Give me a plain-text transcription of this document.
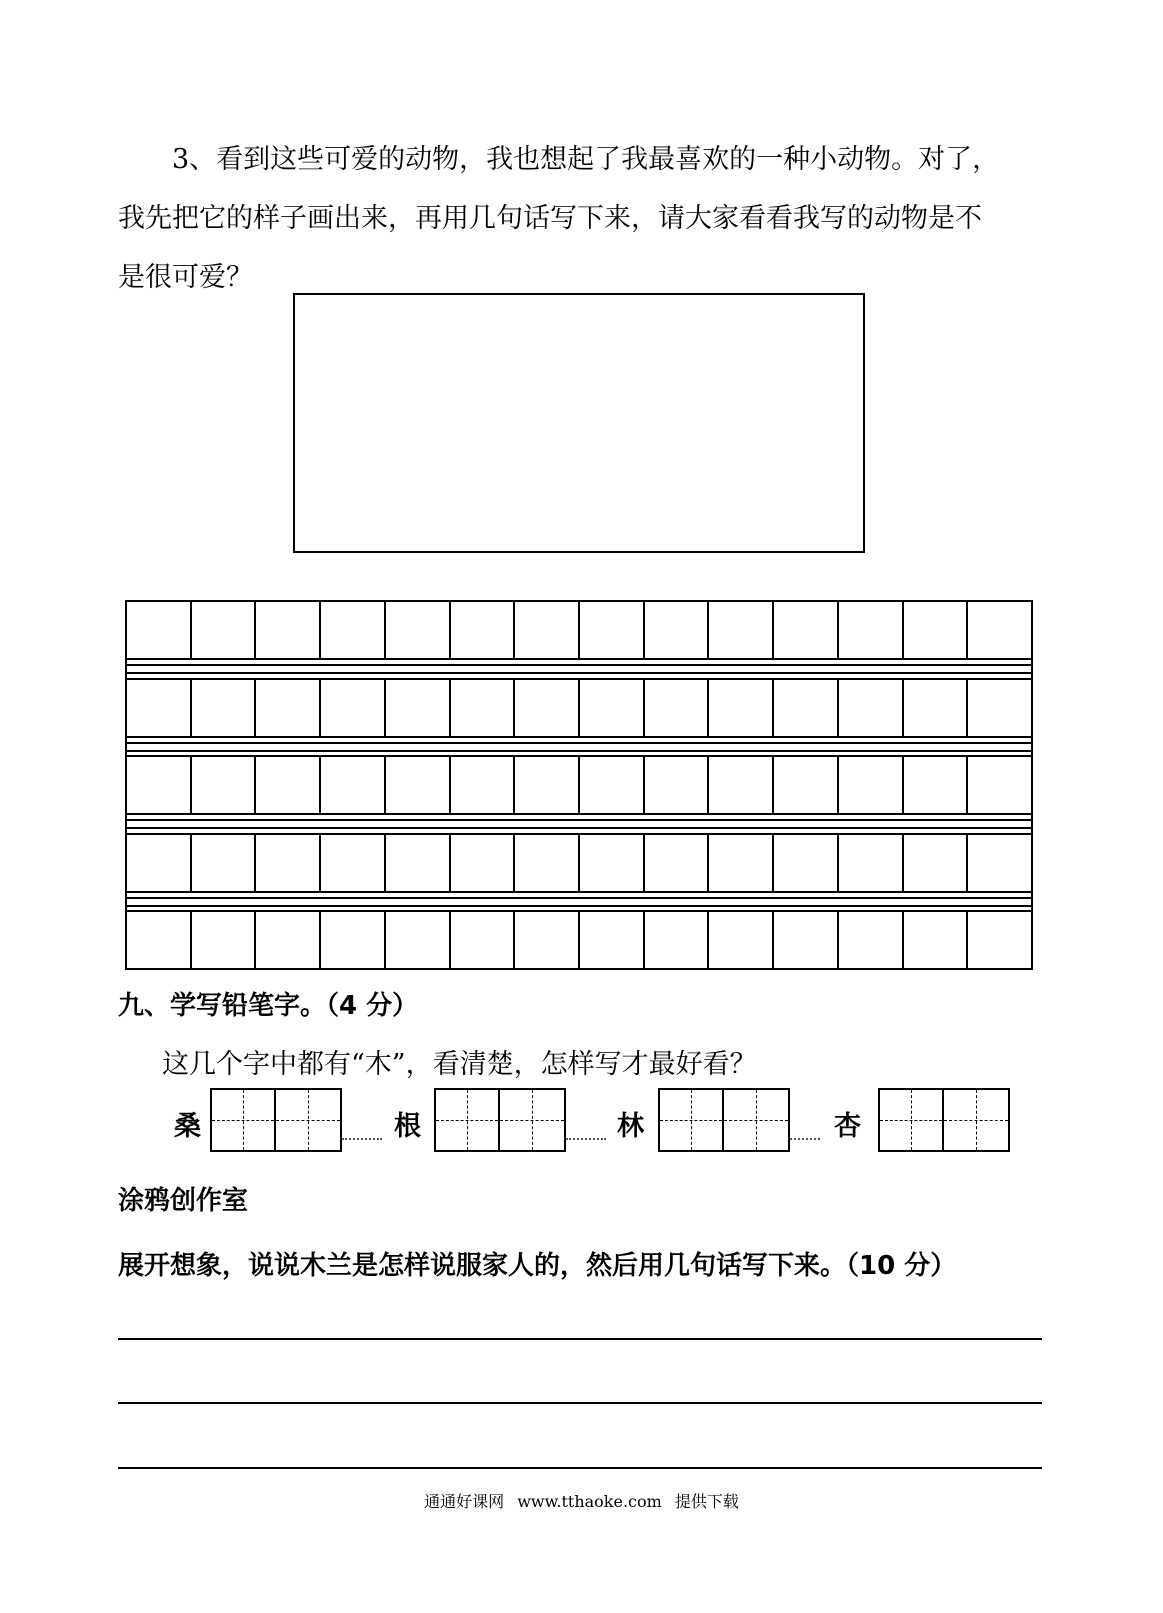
3、看到这些可爱的动物，我也想起了我最喜欢的一种小动物。对了，
我先把它的样子画出来，再用几句话写下来，请大家看看我写的动物是不
是很可爱？
九、学写铅笔字。（4 分）
这几个字中都有“木”，看清楚，怎样写才最好看？
桑	根	林	杏
涂鸦创作室
展开想象，说说木兰是怎样说服家人的，然后用几句话写下来。（10 分）
通通好课网 www.tthaoke.com 提供下载
